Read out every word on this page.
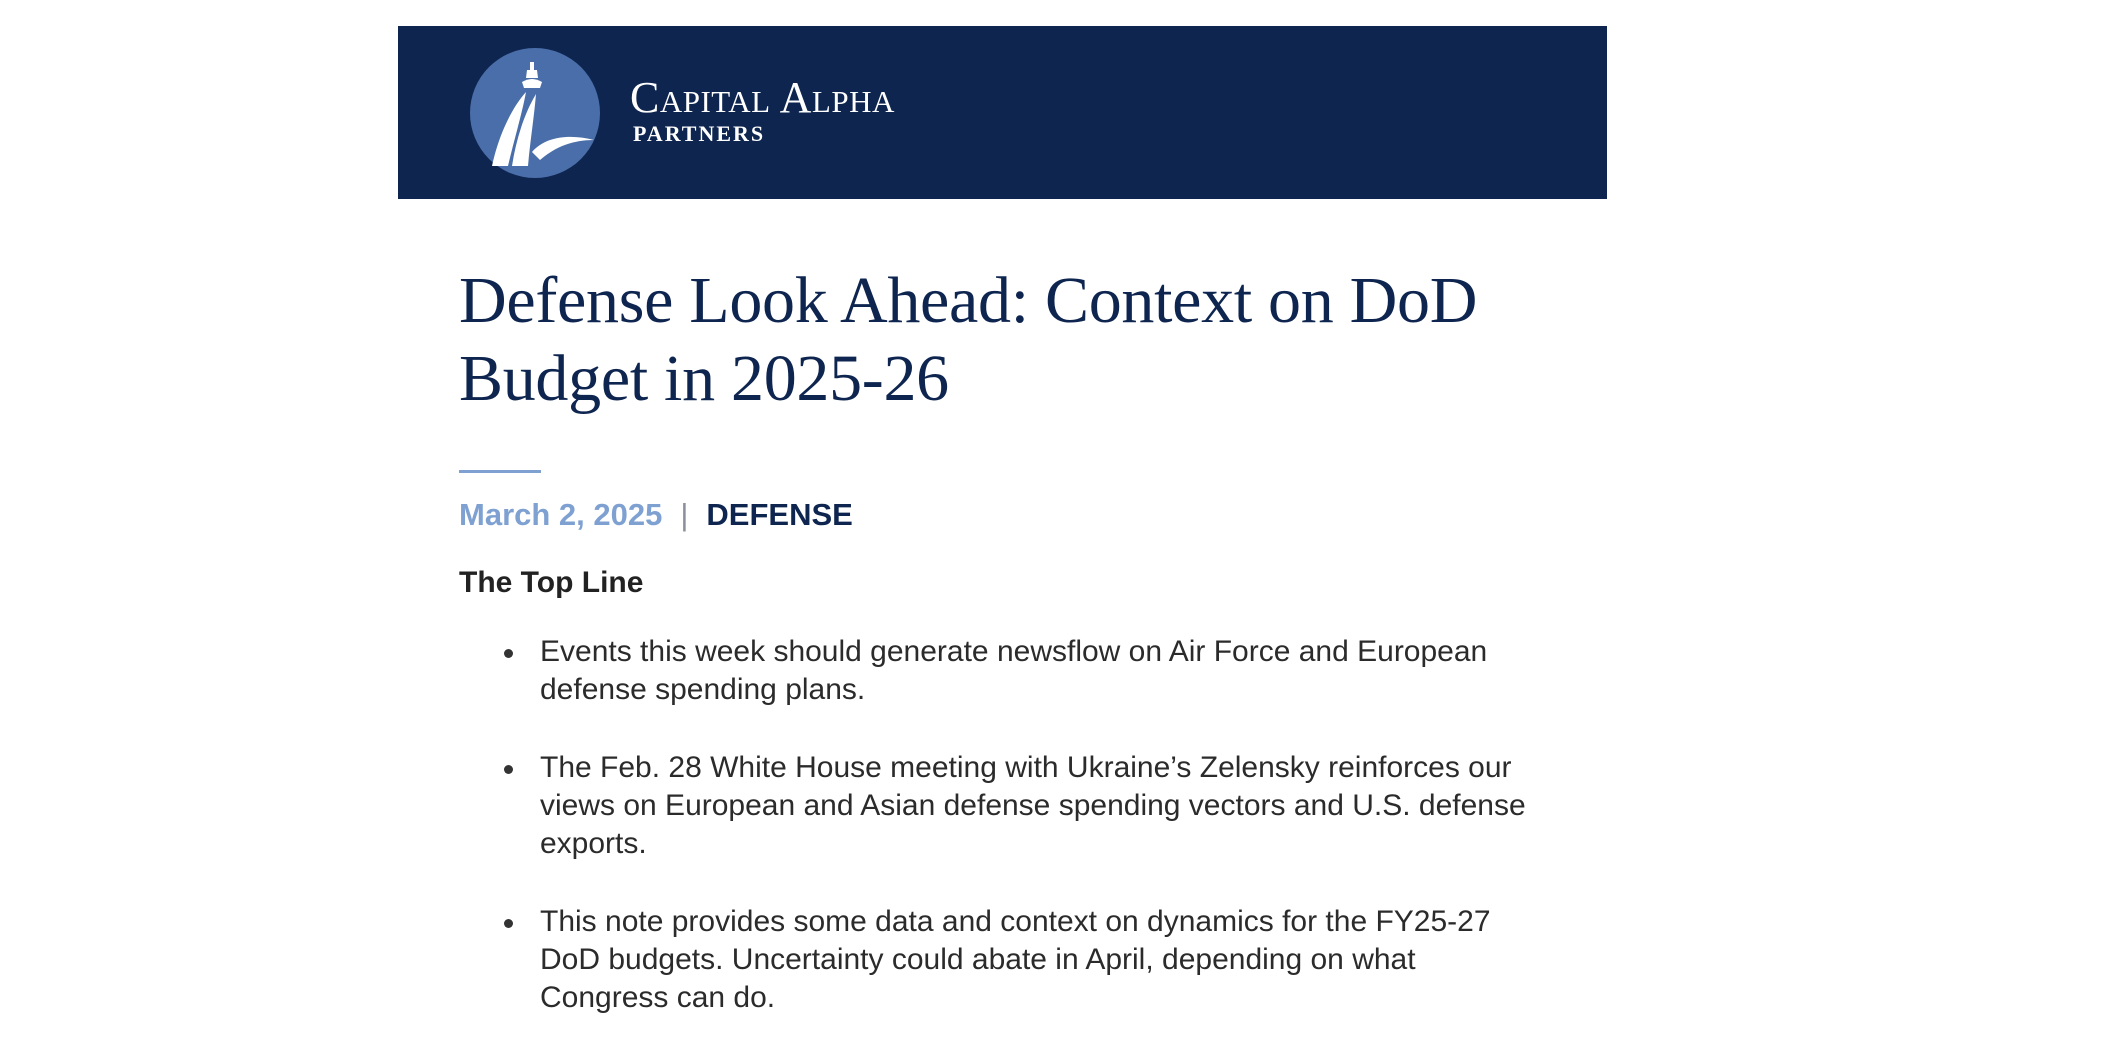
Capital Alpha
PARTNERS
Defense Look Ahead: Context on DoD Budget in 2025-26
March 2, 2025 | DEFENSE
The Top Line
Events this week should generate newsflow on Air Force and European defense spending plans.
The Feb. 28 White House meeting with Ukraine’s Zelensky reinforces our views on European and Asian defense spending vectors and U.S. defense exports.
This note provides some data and context on dynamics for the FY25-27 DoD budgets. Uncertainty could abate in April, depending on what Congress can do.
